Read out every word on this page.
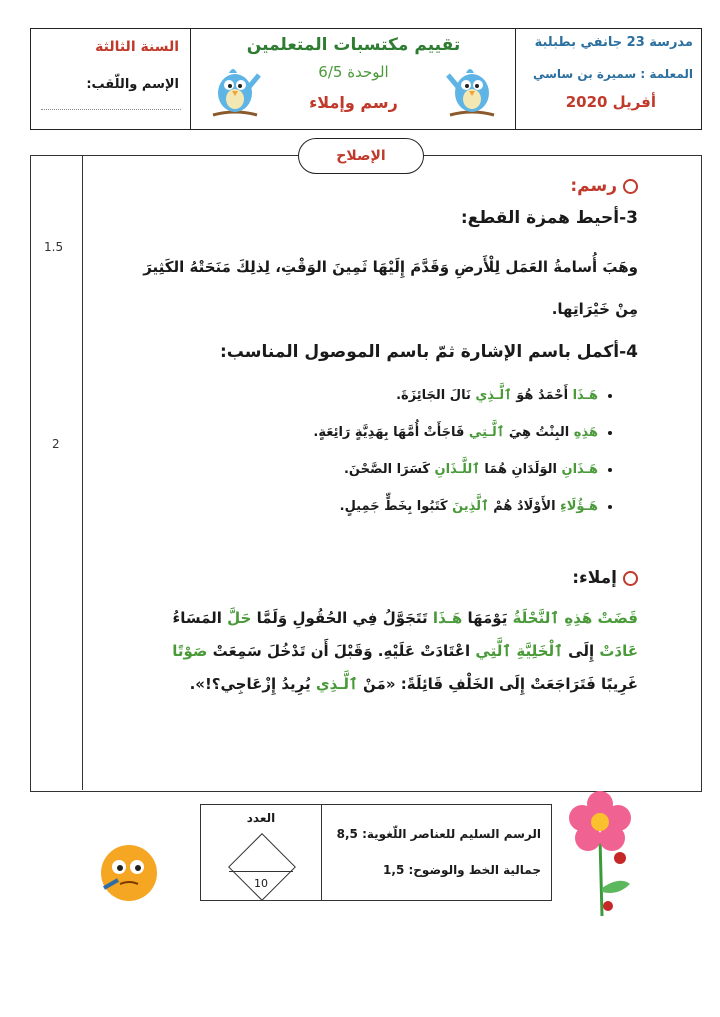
مدرسة 23 جانفي بطبلبة
المعلمة : سميرة بن ساسي
أفريل 2020
تقييم مكتسبات المتعلمين
الوحدة 6/5
رسم وإملاء
السنة الثالثة
الإسم واللّقب:
الإصلاح
1.5
2
رسم:
3-أحيط همزة القطع:
وهَبَ أُسامةُ العَمَل لِلْأَرضِ وَقَدَّمَ إِلَيْهَا ثَمِينَ الوَقْتِ، لِذلِكَ مَنَحَتْهُ الكَثِيرَ
مِنْ خَيْرَاتِها.
4-أكمل باسم الإشارة ثمّ باسم الموصول المناسب:
• هَـذَا أَحْمَدُ هُوَ ٱلَّـذِي نَالَ الجَائِزَةَ.
• هَذِهِ البِنْتُ هِيَ ٱلَّـتِي فَاجَأَتْ أُمَّهَا بِهَدِيَّةٍ رَائِعَةٍ.
• هَـذَانِ الوَلَدَانِ هُمَا ٱللَّـذَانِ كَسَرَا الصَّحْنَ.
• هَـؤُلَاءِ الأَوْلَادُ هُمْ ٱلَّذِينَ كَتَبُوا بِخَطٍّ جَمِيلٍ.
إملاء:
قَضَتْ هَذِهِ ٱلنَّحْلَةُ يَوْمَهَا هَـذَا تَتَجَوَّلُ فِي الحُقُولِ وَلَمَّا حَلَّ المَسَاءُ
عَادَتْ إِلَى ٱلْخَلِيَّةِ ٱلَّتِي اعْتَادَتْ عَلَيْهِ. وَقَبْلَ أَن تَدْخُلَ سَمِعَتْ صَوْتًا
غَرِيبًا فَتَرَاجَعَتْ إِلَى الخَلْفِ قَائِلَةً: «مَنْ ٱلَّـذِي يُرِيدُ إِزْعَاجِي؟!».
الرسم السليم للعناصر اللّغوية: 8,5
جمالية الخط والوضوح: 1,5
العدد
10
